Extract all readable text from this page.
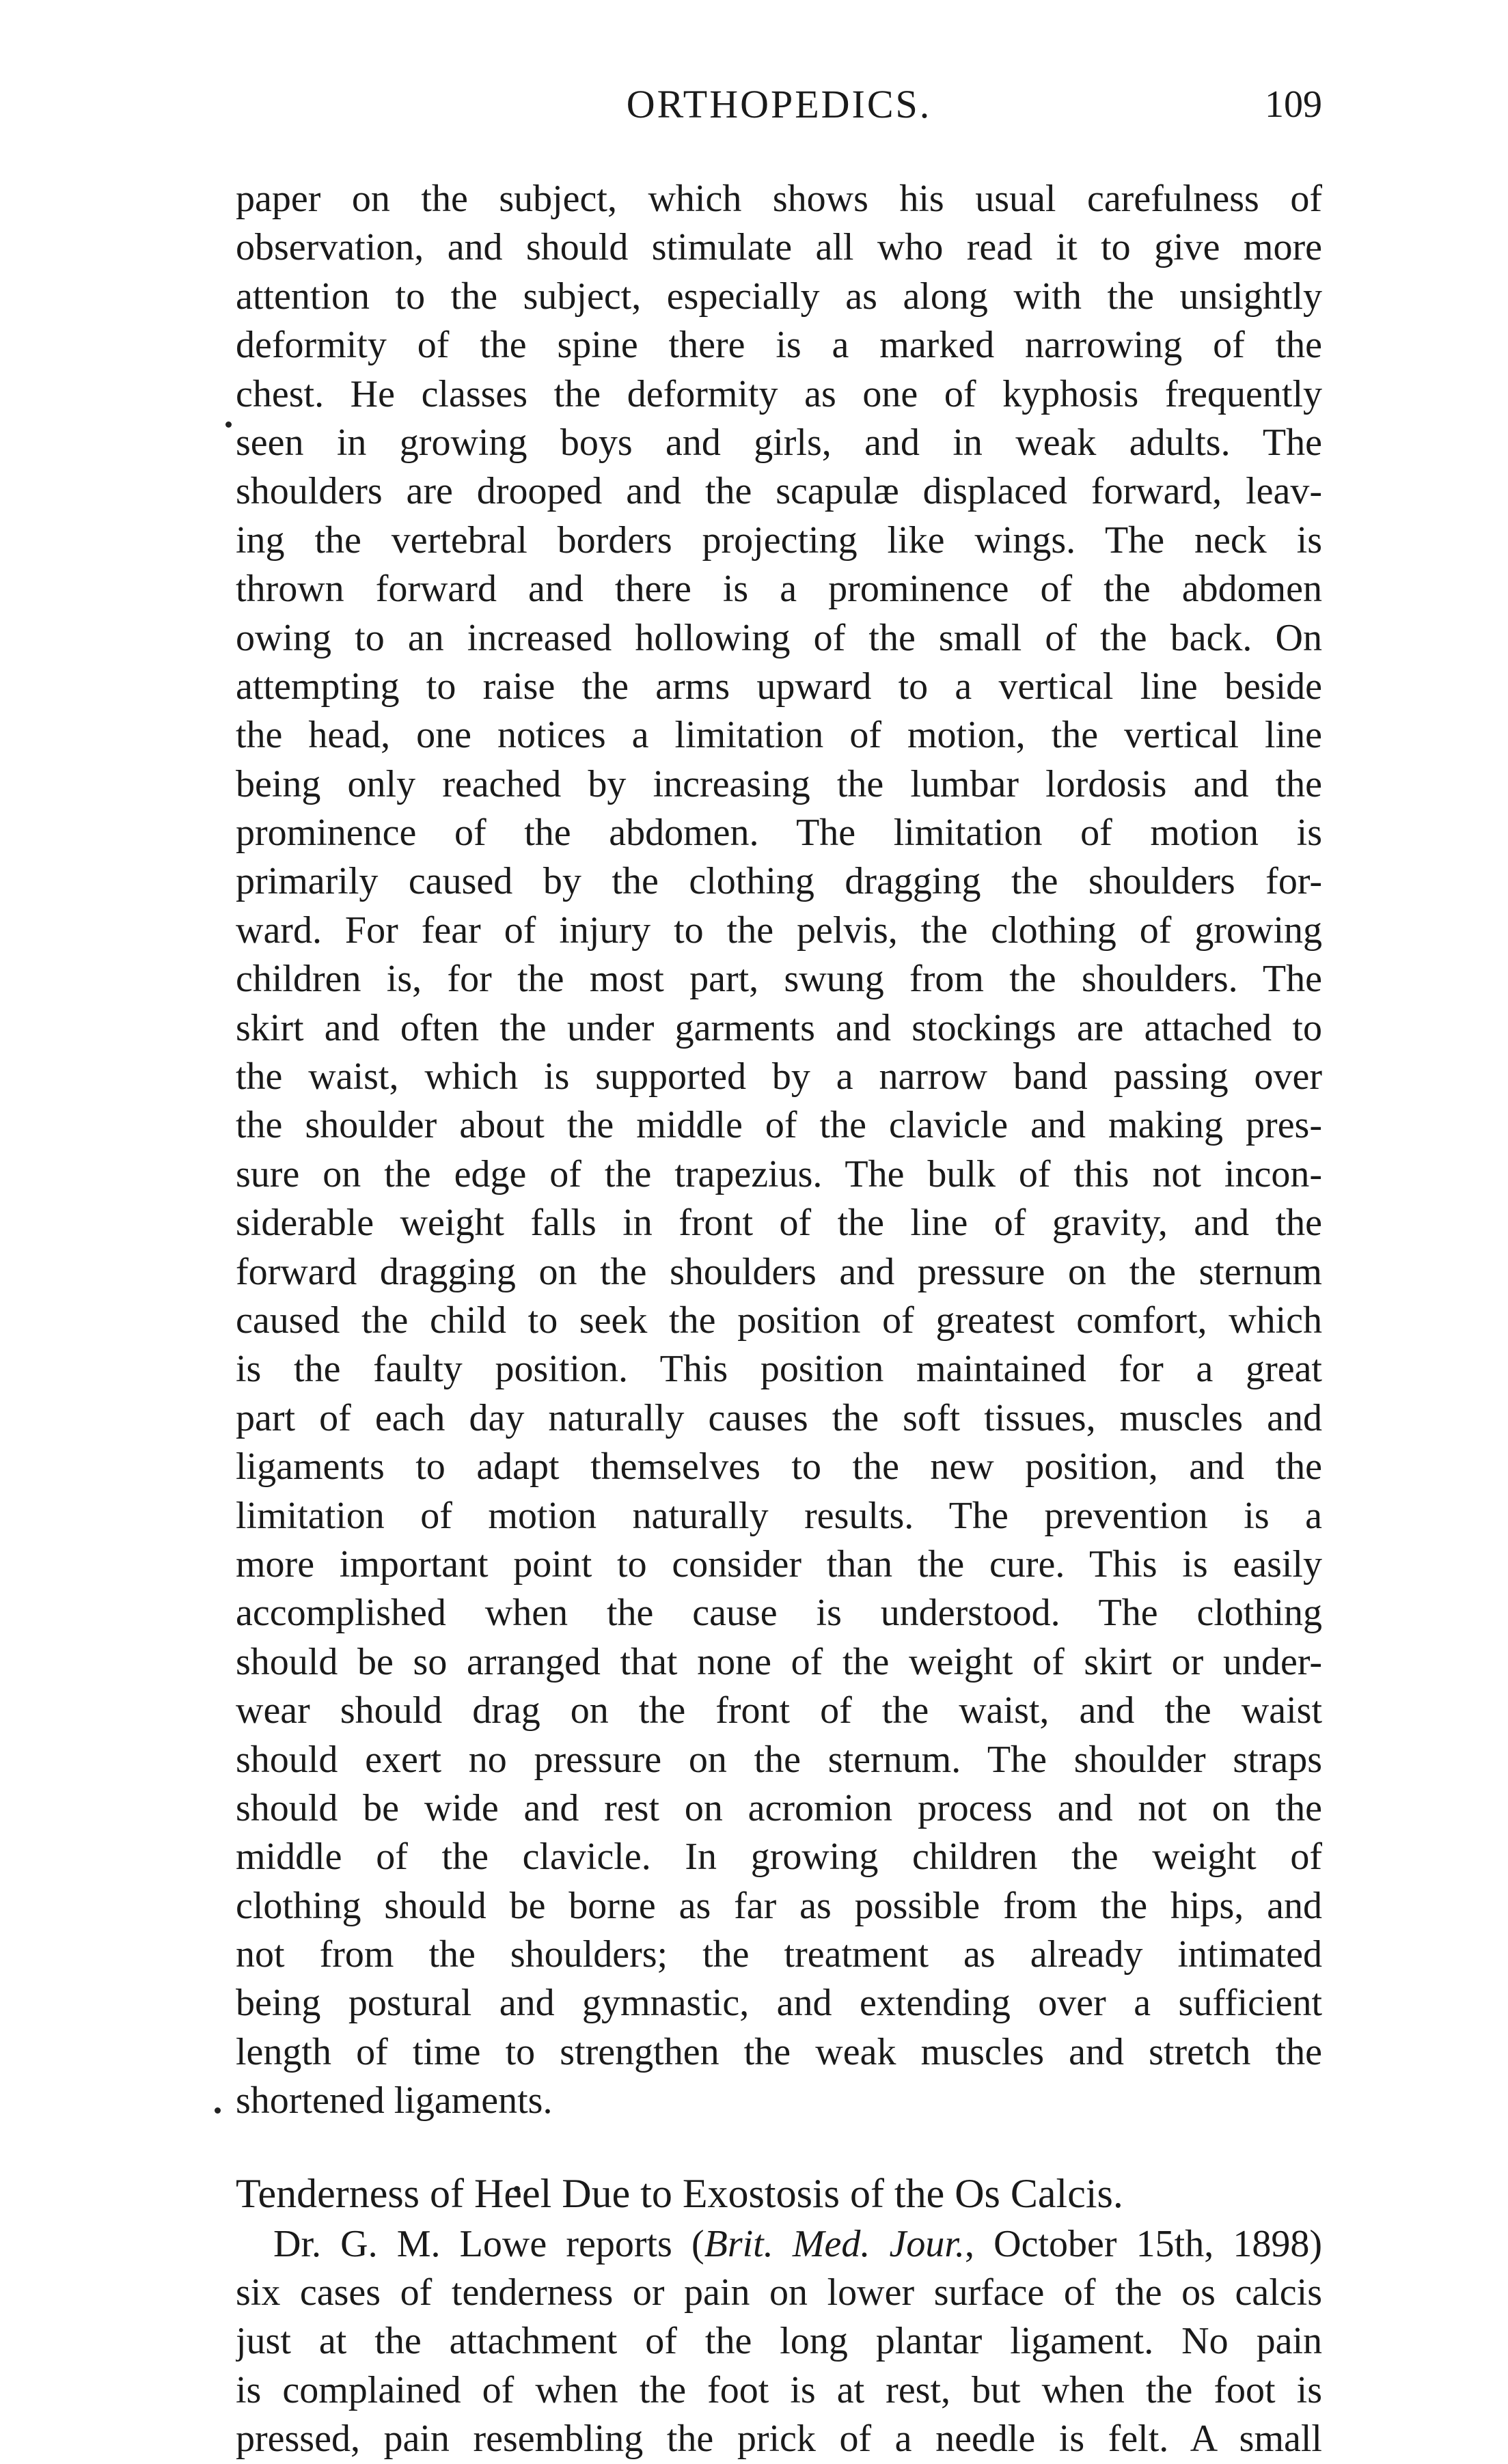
ORTHOPEDICS.	109
paper on the subject, which shows his usual carefulness of
observation, and should stimulate all who read it to give more
attention to the subject, especially as along with the unsightly
deformity of the spine there is a marked narrowing of the
chest. He classes the deformity as one of kyphosis frequently
seen in growing boys and girls, and in weak adults. The
shoulders are drooped and the scapulæ displaced forward, leav-
ing the vertebral borders projecting like wings. The neck is
thrown forward and there is a prominence of the abdomen
owing to an increased hollowing of the small of the back. On
attempting to raise the arms upward to a vertical line beside
the head, one notices a limitation of motion, the vertical line
being only reached by increasing the lumbar lordosis and the
prominence of the abdomen. The limitation of motion is
primarily caused by the clothing dragging the shoulders for-
ward. For fear of injury to the pelvis, the clothing of growing
children is, for the most part, swung from the shoulders. The
skirt and often the under garments and stockings are attached to
the waist, which is supported by a narrow band passing over
the shoulder about the middle of the clavicle and making pres-
sure on the edge of the trapezius. The bulk of this not incon-
siderable weight falls in front of the line of gravity, and the
forward dragging on the shoulders and pressure on the sternum
caused the child to seek the position of greatest comfort, which
is the faulty position. This position maintained for a great
part of each day naturally causes the soft tissues, muscles and
ligaments to adapt themselves to the new position, and the
limitation of motion naturally results. The prevention is a
more important point to consider than the cure. This is easily
accomplished when the cause is understood. The clothing
should be so arranged that none of the weight of skirt or under-
wear should drag on the front of the waist, and the waist
should exert no pressure on the sternum. The shoulder straps
should be wide and rest on acromion process and not on the
middle of the clavicle. In growing children the weight of
clothing should be borne as far as possible from the hips, and
not from the shoulders; the treatment as already intimated
being postural and gymnastic, and extending over a sufficient
length of time to strengthen the weak muscles and stretch the
shortened ligaments.
Tenderness of Heel Due to Exostosis of the Os Calcis.
Dr. G. M. Lowe reports (Brit. Med. Jour., October 15th, 1898)
six cases of tenderness or pain on lower surface of the os calcis
just at the attachment of the long plantar ligament. No pain
is complained of when the foot is at rest, but when the foot is
pressed, pain resembling the prick of a needle is felt. A small
